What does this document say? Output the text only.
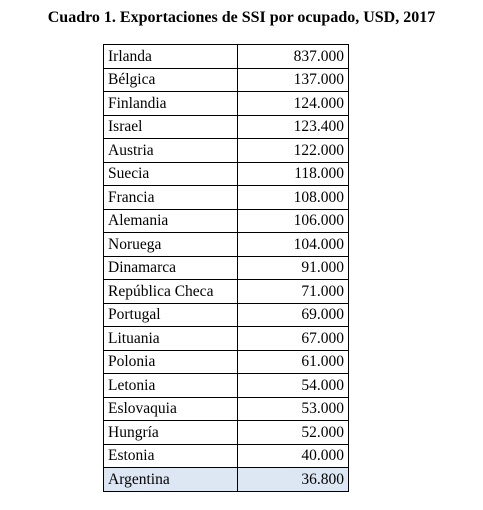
Cuadro 1. Exportaciones de SSI por ocupado, USD, 2017
Irlanda	837.000
Bélgica	137.000
Finlandia	124.000
Israel	123.400
Austria	122.000
Suecia	118.000
Francia	108.000
Alemania	106.000
Noruega	104.000
Dinamarca	91.000
República Checa	71.000
Portugal	69.000
Lituania	67.000
Polonia	61.000
Letonia	54.000
Eslovaquia	53.000
Hungría	52.000
Estonia	40.000
Argentina	36.800
